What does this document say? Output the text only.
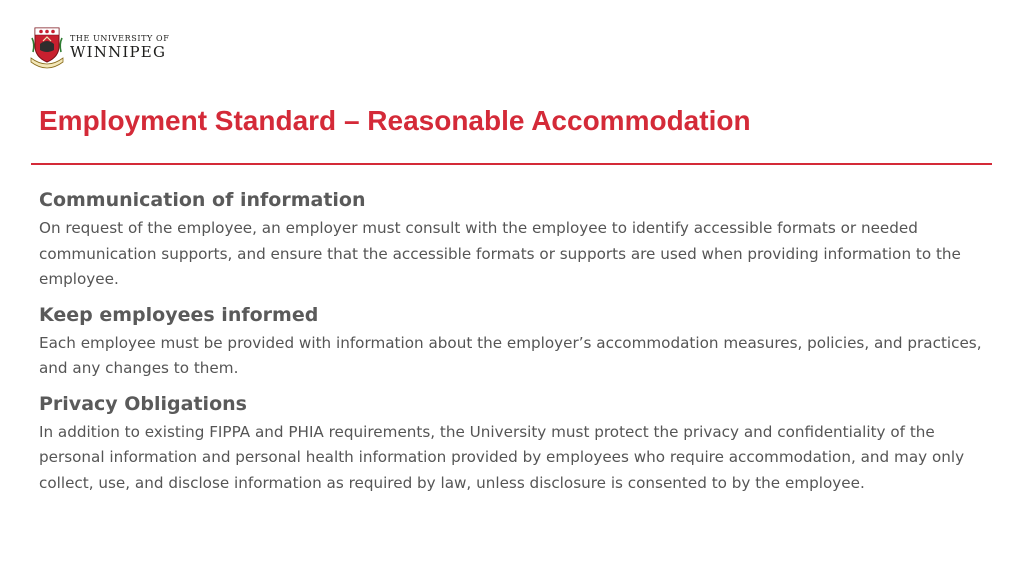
THE UNIVERSITY OF
WINNIPEG
Employment Standard – Reasonable Accommodation
Communication of information

On request of the employee, an employer must consult with the employee to identify accessible formats or needed communication supports, and ensure that the accessible formats or supports are used when providing information to the employee.

Keep employees informed

Each employee must be provided with information about the employer’s accommodation measures, policies, and practices, and any changes to them.

Privacy Obligations

In addition to existing FIPPA and PHIA requirements, the University must protect the privacy and confidentiality of the personal information and personal health information provided by employees who require accommodation, and may only collect, use, and disclose information as required by law, unless disclosure is consented to by the employee.
